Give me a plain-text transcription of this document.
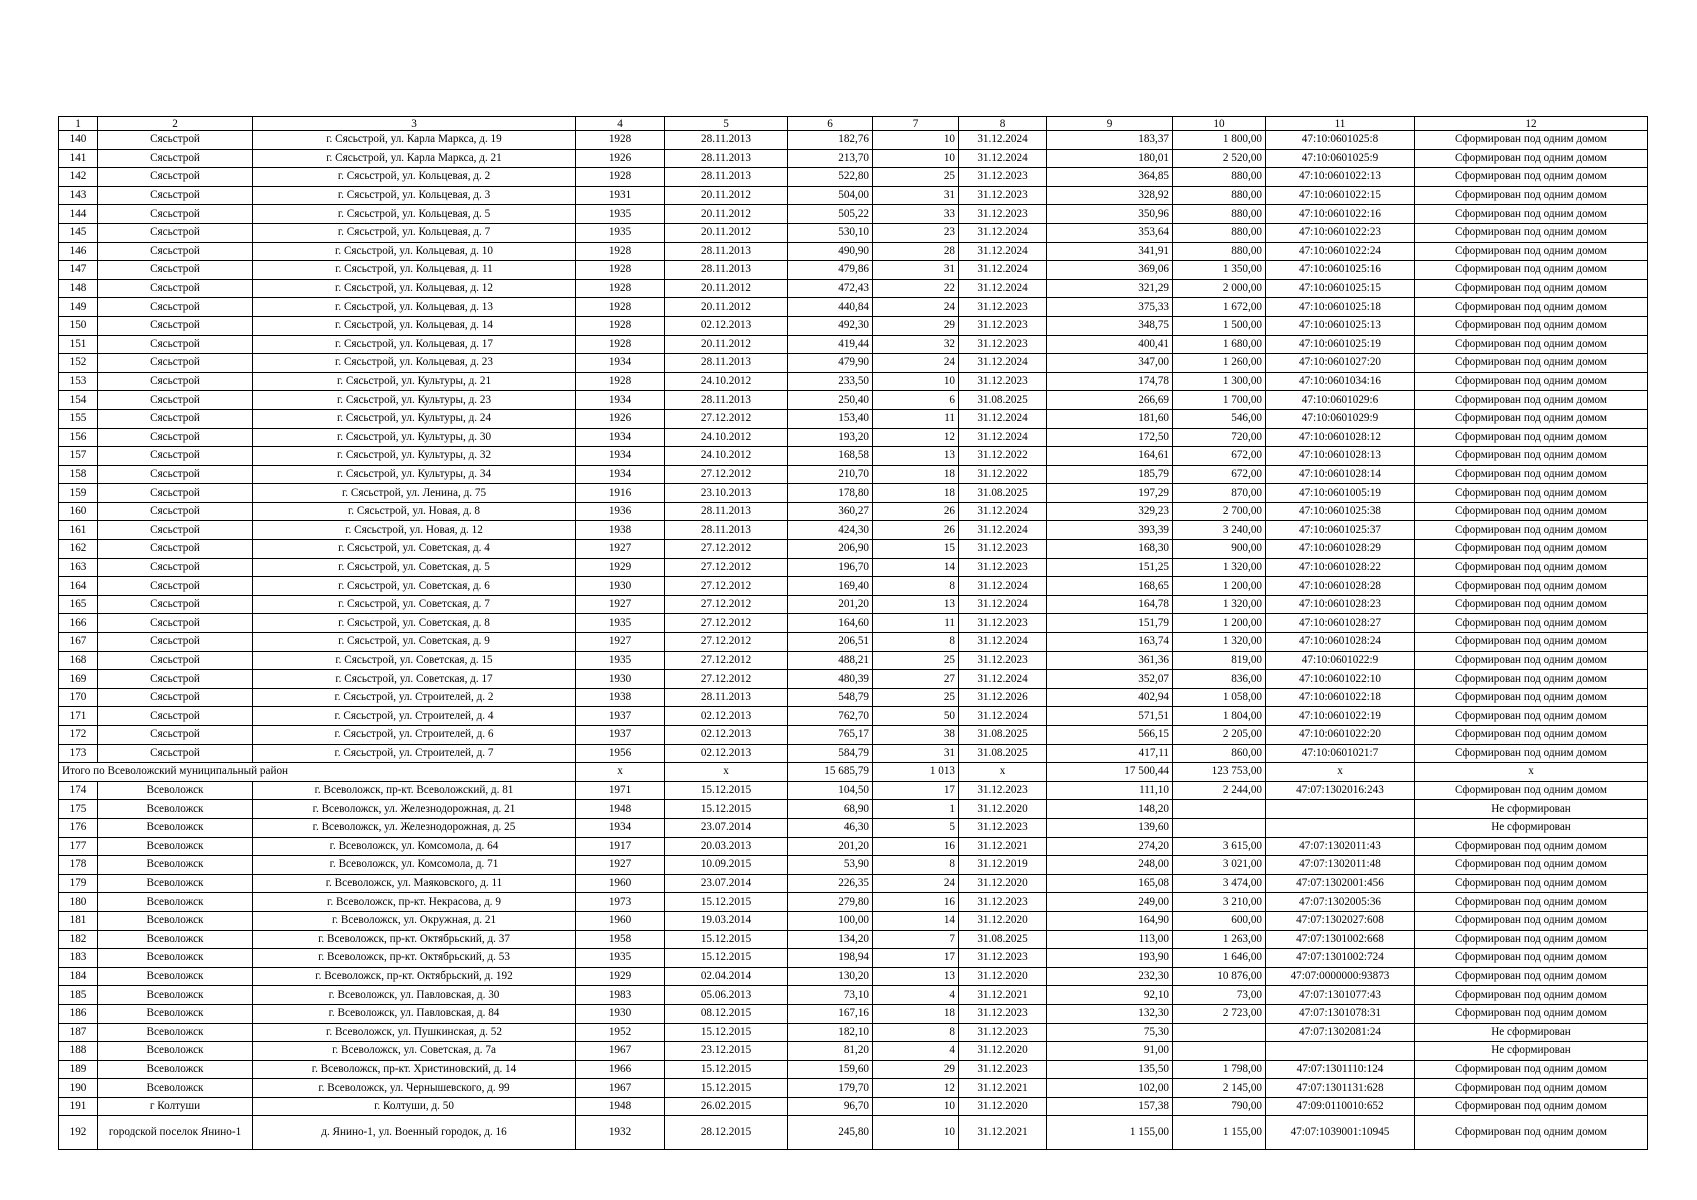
1	2	3	4	5	6	7	8	9	10	11	12
140	Сясьстрой	г. Сясьстрой, ул. Карла Маркса, д. 19	1928	28.11.2013	182,76	10	31.12.2024	183,37	1 800,00	47:10:0601025:8	Сформирован под одним домом
141	Сясьстрой	г. Сясьстрой, ул. Карла Маркса, д. 21	1926	28.11.2013	213,70	10	31.12.2024	180,01	2 520,00	47:10:0601025:9	Сформирован под одним домом
142	Сясьстрой	г. Сясьстрой, ул. Кольцевая, д. 2	1928	28.11.2013	522,80	25	31.12.2023	364,85	880,00	47:10:0601022:13	Сформирован под одним домом
143	Сясьстрой	г. Сясьстрой, ул. Кольцевая, д. 3	1931	20.11.2012	504,00	31	31.12.2023	328,92	880,00	47:10:0601022:15	Сформирован под одним домом
144	Сясьстрой	г. Сясьстрой, ул. Кольцевая, д. 5	1935	20.11.2012	505,22	33	31.12.2023	350,96	880,00	47:10:0601022:16	Сформирован под одним домом
145	Сясьстрой	г. Сясьстрой, ул. Кольцевая, д. 7	1935	20.11.2012	530,10	23	31.12.2024	353,64	880,00	47:10:0601022:23	Сформирован под одним домом
146	Сясьстрой	г. Сясьстрой, ул. Кольцевая, д. 10	1928	28.11.2013	490,90	28	31.12.2024	341,91	880,00	47:10:0601022:24	Сформирован под одним домом
147	Сясьстрой	г. Сясьстрой, ул. Кольцевая, д. 11	1928	28.11.2013	479,86	31	31.12.2024	369,06	1 350,00	47:10:0601025:16	Сформирован под одним домом
148	Сясьстрой	г. Сясьстрой, ул. Кольцевая, д. 12	1928	20.11.2012	472,43	22	31.12.2024	321,29	2 000,00	47:10:0601025:15	Сформирован под одним домом
149	Сясьстрой	г. Сясьстрой, ул. Кольцевая, д. 13	1928	20.11.2012	440,84	24	31.12.2023	375,33	1 672,00	47:10:0601025:18	Сформирован под одним домом
150	Сясьстрой	г. Сясьстрой, ул. Кольцевая, д. 14	1928	02.12.2013	492,30	29	31.12.2023	348,75	1 500,00	47:10:0601025:13	Сформирован под одним домом
151	Сясьстрой	г. Сясьстрой, ул. Кольцевая, д. 17	1928	20.11.2012	419,44	32	31.12.2023	400,41	1 680,00	47:10:0601025:19	Сформирован под одним домом
152	Сясьстрой	г. Сясьстрой, ул. Кольцевая, д. 23	1934	28.11.2013	479,90	24	31.12.2024	347,00	1 260,00	47:10:0601027:20	Сформирован под одним домом
153	Сясьстрой	г. Сясьстрой, ул. Культуры, д. 21	1928	24.10.2012	233,50	10	31.12.2023	174,78	1 300,00	47:10:0601034:16	Сформирован под одним домом
154	Сясьстрой	г. Сясьстрой, ул. Культуры, д. 23	1934	28.11.2013	250,40	6	31.08.2025	266,69	1 700,00	47:10:0601029:6	Сформирован под одним домом
155	Сясьстрой	г. Сясьстрой, ул. Культуры, д. 24	1926	27.12.2012	153,40	11	31.12.2024	181,60	546,00	47:10:0601029:9	Сформирован под одним домом
156	Сясьстрой	г. Сясьстрой, ул. Культуры, д. 30	1934	24.10.2012	193,20	12	31.12.2024	172,50	720,00	47:10:0601028:12	Сформирован под одним домом
157	Сясьстрой	г. Сясьстрой, ул. Культуры, д. 32	1934	24.10.2012	168,58	13	31.12.2022	164,61	672,00	47:10:0601028:13	Сформирован под одним домом
158	Сясьстрой	г. Сясьстрой, ул. Культуры, д. 34	1934	27.12.2012	210,70	18	31.12.2022	185,79	672,00	47:10:0601028:14	Сформирован под одним домом
159	Сясьстрой	г. Сясьстрой, ул. Ленина, д. 75	1916	23.10.2013	178,80	18	31.08.2025	197,29	870,00	47:10:0601005:19	Сформирован под одним домом
160	Сясьстрой	г. Сясьстрой, ул. Новая, д. 8	1936	28.11.2013	360,27	26	31.12.2024	329,23	2 700,00	47:10:0601025:38	Сформирован под одним домом
161	Сясьстрой	г. Сясьстрой, ул. Новая, д. 12	1938	28.11.2013	424,30	26	31.12.2024	393,39	3 240,00	47:10:0601025:37	Сформирован под одним домом
162	Сясьстрой	г. Сясьстрой, ул. Советская, д. 4	1927	27.12.2012	206,90	15	31.12.2023	168,30	900,00	47:10:0601028:29	Сформирован под одним домом
163	Сясьстрой	г. Сясьстрой, ул. Советская, д. 5	1929	27.12.2012	196,70	14	31.12.2023	151,25	1 320,00	47:10:0601028:22	Сформирован под одним домом
164	Сясьстрой	г. Сясьстрой, ул. Советская, д. 6	1930	27.12.2012	169,40	8	31.12.2024	168,65	1 200,00	47:10:0601028:28	Сформирован под одним домом
165	Сясьстрой	г. Сясьстрой, ул. Советская, д. 7	1927	27.12.2012	201,20	13	31.12.2024	164,78	1 320,00	47:10:0601028:23	Сформирован под одним домом
166	Сясьстрой	г. Сясьстрой, ул. Советская, д. 8	1935	27.12.2012	164,60	11	31.12.2023	151,79	1 200,00	47:10:0601028:27	Сформирован под одним домом
167	Сясьстрой	г. Сясьстрой, ул. Советская, д. 9	1927	27.12.2012	206,51	8	31.12.2024	163,74	1 320,00	47:10:0601028:24	Сформирован под одним домом
168	Сясьстрой	г. Сясьстрой, ул. Советская, д. 15	1935	27.12.2012	488,21	25	31.12.2023	361,36	819,00	47:10:0601022:9	Сформирован под одним домом
169	Сясьстрой	г. Сясьстрой, ул. Советская, д. 17	1930	27.12.2012	480,39	27	31.12.2024	352,07	836,00	47:10:0601022:10	Сформирован под одним домом
170	Сясьстрой	г. Сясьстрой, ул. Строителей, д. 2	1938	28.11.2013	548,79	25	31.12.2026	402,94	1 058,00	47:10:0601022:18	Сформирован под одним домом
171	Сясьстрой	г. Сясьстрой, ул. Строителей, д. 4	1937	02.12.2013	762,70	50	31.12.2024	571,51	1 804,00	47:10:0601022:19	Сформирован под одним домом
172	Сясьстрой	г. Сясьстрой, ул. Строителей, д. 6	1937	02.12.2013	765,17	38	31.08.2025	566,15	2 205,00	47:10:0601022:20	Сформирован под одним домом
173	Сясьстрой	г. Сясьстрой, ул. Строителей, д. 7	1956	02.12.2013	584,79	31	31.08.2025	417,11	860,00	47:10:0601021:7	Сформирован под одним домом
Итого по Всеволожский муниципальный район			x	x	15 685,79	1 013	x	17 500,44	123 753,00	x	x
174	Всеволожск	г. Всеволожск, пр-кт. Всеволожский, д. 81	1971	15.12.2015	104,50	17	31.12.2023	111,10	2 244,00	47:07:1302016:243	Сформирован под одним домом
175	Всеволожск	г. Всеволожск, ул. Железнодорожная, д. 21	1948	15.12.2015	68,90	1	31.12.2020	148,20			Не сформирован
176	Всеволожск	г. Всеволожск, ул. Железнодорожная, д. 25	1934	23.07.2014	46,30	5	31.12.2023	139,60			Не сформирован
177	Всеволожск	г. Всеволожск, ул. Комсомола, д. 64	1917	20.03.2013	201,20	16	31.12.2021	274,20	3 615,00	47:07:1302011:43	Сформирован под одним домом
178	Всеволожск	г. Всеволожск, ул. Комсомола, д. 71	1927	10.09.2015	53,90	8	31.12.2019	248,00	3 021,00	47:07:1302011:48	Сформирован под одним домом
179	Всеволожск	г. Всеволожск, ул. Маяковского, д. 11	1960	23.07.2014	226,35	24	31.12.2020	165,08	3 474,00	47:07:1302001:456	Сформирован под одним домом
180	Всеволожск	г. Всеволожск, пр-кт. Некрасова, д. 9	1973	15.12.2015	279,80	16	31.12.2023	249,00	3 210,00	47:07:1302005:36	Сформирован под одним домом
181	Всеволожск	г. Всеволожск, ул. Окружная, д. 21	1960	19.03.2014	100,00	14	31.12.2020	164,90	600,00	47:07:1302027:608	Сформирован под одним домом
182	Всеволожск	г. Всеволожск, пр-кт. Октябрьский, д. 37	1958	15.12.2015	134,20	7	31.08.2025	113,00	1 263,00	47:07:1301002:668	Сформирован под одним домом
183	Всеволожск	г. Всеволожск, пр-кт. Октябрьский, д. 53	1935	15.12.2015	198,94	17	31.12.2023	193,90	1 646,00	47:07:1301002:724	Сформирован под одним домом
184	Всеволожск	г. Всеволожск, пр-кт. Октябрьский, д. 192	1929	02.04.2014	130,20	13	31.12.2020	232,30	10 876,00	47:07:0000000:93873	Сформирован под одним домом
185	Всеволожск	г. Всеволожск, ул. Павловская, д. 30	1983	05.06.2013	73,10	4	31.12.2021	92,10	73,00	47:07:1301077:43	Сформирован под одним домом
186	Всеволожск	г. Всеволожск, ул. Павловская, д. 84	1930	08.12.2015	167,16	18	31.12.2023	132,30	2 723,00	47:07:1301078:31	Сформирован под одним домом
187	Всеволожск	г. Всеволожск, ул. Пушкинская, д. 52	1952	15.12.2015	182,10	8	31.12.2023	75,30		47:07:1302081:24	Не сформирован
188	Всеволожск	г. Всеволожск, ул. Советская, д. 7а	1967	23.12.2015	81,20	4	31.12.2020	91,00			Не сформирован
189	Всеволожск	г. Всеволожск, пр-кт. Христиновский, д. 14	1966	15.12.2015	159,60	29	31.12.2023	135,50	1 798,00	47:07:1301110:124	Сформирован под одним домом
190	Всеволожск	г. Всеволожск, ул. Чернышевского, д. 99	1967	15.12.2015	179,70	12	31.12.2021	102,00	2 145,00	47:07:1301131:628	Сформирован под одним домом
191	г Колтуши	г. Колтуши, д. 50	1948	26.02.2015	96,70	10	31.12.2020	157,38	790,00	47:09:0110010:652	Сформирован под одним домом
192	городской поселок Янино-1	д. Янино-1, ул. Военный городок, д. 16	1932	28.12.2015	245,80	10	31.12.2021	1 155,00	1 155,00	47:07:1039001:10945	Сформирован под одним домом
